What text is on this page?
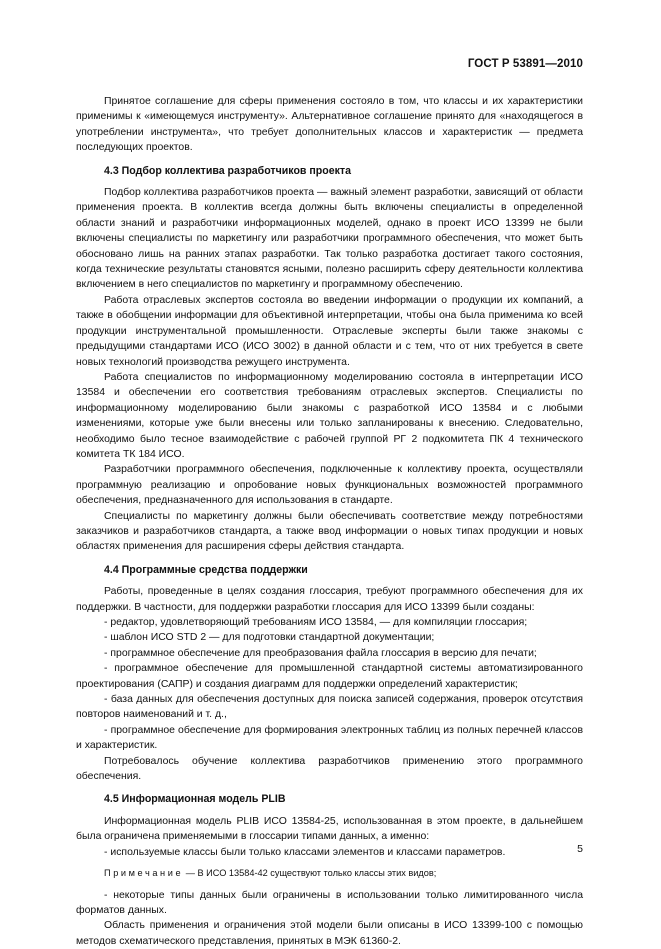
ГОСТ Р 53891—2010

Принятое соглашение для сферы применения состояло в том, что классы и их характеристики применимы к «имеющемуся инструменту». Альтернативное соглашение принято для «находящегося в употреблении инструмента», что требует дополнительных классов и характеристик — предмета последующих проектов.

4.3 Подбор коллектива разработчиков проекта

Подбор коллектива разработчиков проекта — важный элемент разработки, зависящий от области применения проекта. В коллектив всегда должны быть включены специалисты в определенной области знаний и разработчики информационных моделей, однако в проект ИСО 13399 не были включены специалисты по маркетингу или разработчики программного обеспечения, что может быть обосновано лишь на ранних этапах разработки. Так только разработка достигает такого состояния, когда технические результаты становятся ясными, полезно расширить сферу деятельности коллектива включением в него специалистов по маркетингу и программному обеспечению.

Работа отраслевых экспертов состояла во введении информации о продукции их компаний, а также в обобщении информации для объективной интерпретации, чтобы она была применима ко всей продукции инструментальной промышленности. Отраслевые эксперты были также знакомы с предыдущими стандартами ИСО (ИСО 3002) в данной области и с тем, что от них требуется в свете новых технологий производства режущего инструмента.

Работа специалистов по информационному моделированию состояла в интерпретации ИСО 13584 и обеспечении его соответствия требованиям отраслевых экспертов. Специалисты по информационному моделированию были знакомы с разработкой ИСО 13584 и с любыми изменениями, которые уже были внесены или только запланированы к внесению. Следовательно, необходимо было тесное взаимодействие с рабочей группой РГ 2 подкомитета ПК 4 технического комитета ТК 184 ИСО.

Разработчики программного обеспечения, подключенные к коллективу проекта, осуществляли программную реализацию и опробование новых функциональных возможностей программного обеспечения, предназначенного для использования в стандарте.

Специалисты по маркетингу должны были обеспечивать соответствие между потребностями заказчиков и разработчиков стандарта, а также ввод информации о новых типах продукции и новых областях применения для расширения сферы действия стандарта.

4.4 Программные средства поддержки

Работы, проведенные в целях создания глоссария, требуют программного обеспечения для их поддержки. В частности, для поддержки разработки глоссария для ИСО 13399 были созданы:

- редактор, удовлетворяющий требованиям ИСО 13584, — для компиляции глоссария;

- шаблон ИСО STD 2 — для подготовки стандартной документации;

- программное обеспечение для преобразования файла глоссария в версию для печати;

- программное обеспечение для промышленной стандартной системы автоматизированного проектирования (САПР) и создания диаграмм для поддержки определений характеристик;

- база данных для обеспечения доступных для поиска записей содержания, проверок отсутствия повторов наименований и т. д.,

- программное обеспечение для формирования электронных таблиц из полных перечней классов и характеристик.

Потребовалось обучение коллектива разработчиков применению этого программного обеспечения.

4.5 Информационная модель PLIB

Информационная модель PLIB ИСО 13584-25, использованная в этом проекте, в дальнейшем была ограничена применяемыми в глоссарии типами данных, а именно:

- используемые классы были только классами элементов и классами параметров.

Примечание — В ИСО 13584-42 существуют только классы этих видов;

- некоторые типы данных были ограничены в использовании только лимитированного числа форматов данных.

Область применения и ограничения этой модели были описаны в ИСО 13399-100 с помощью методов схематического представления, принятых в МЭК 61360-2.

5
